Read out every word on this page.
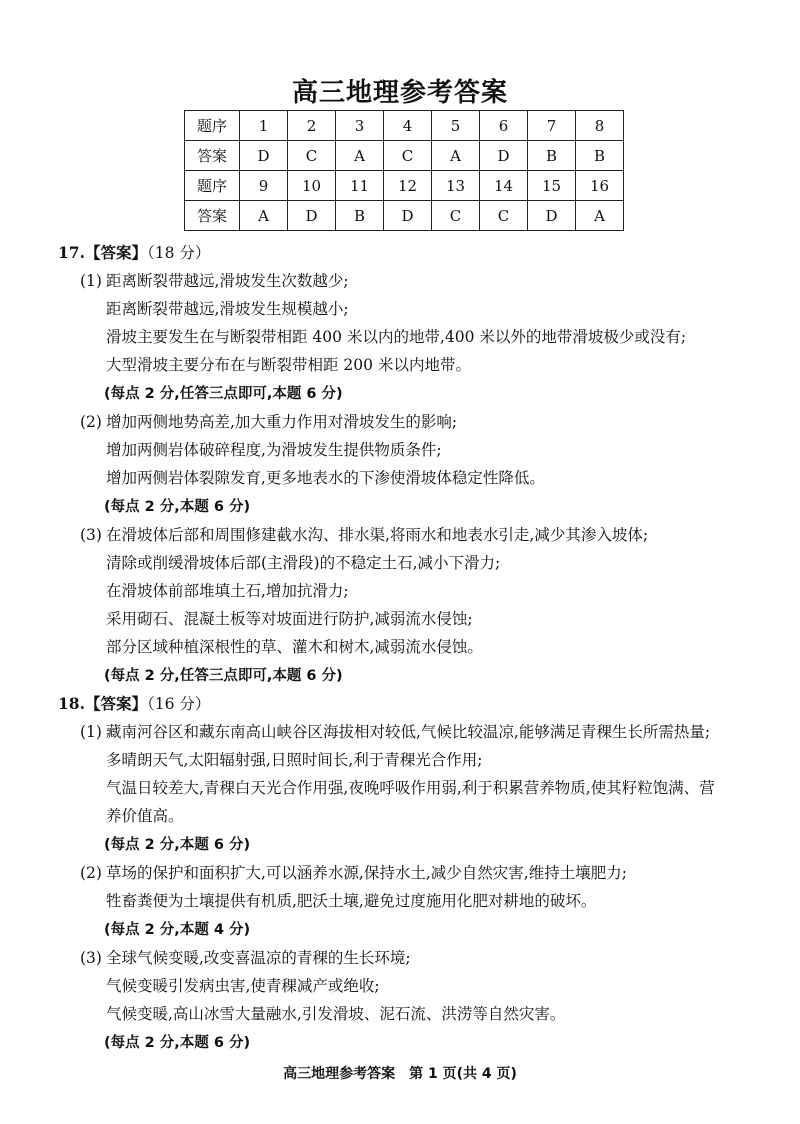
高三地理参考答案
题序	1	2	3	4	5	6	7	8
答案	D	C	A	C	A	D	B	B
题序	9	10	11	12	13	14	15	16
答案	A	D	B	D	C	C	D	A
17.【答案】（18 分）
(1) 距离断裂带越远,滑坡发生次数越少;
距离断裂带越远,滑坡发生规模越小;
滑坡主要发生在与断裂带相距 400 米以内的地带,400 米以外的地带滑坡极少或没有;
大型滑坡主要分布在与断裂带相距 200 米以内地带。
(每点 2 分,任答三点即可,本题 6 分)
(2) 增加两侧地势高差,加大重力作用对滑坡发生的影响;
增加两侧岩体破碎程度,为滑坡发生提供物质条件;
增加两侧岩体裂隙发育,更多地表水的下渗使滑坡体稳定性降低。
(每点 2 分,本题 6 分)
(3) 在滑坡体后部和周围修建截水沟、排水渠,将雨水和地表水引走,减少其渗入坡体;
清除或削缓滑坡体后部(主滑段)的不稳定土石,减小下滑力;
在滑坡体前部堆填土石,增加抗滑力;
采用砌石、混凝土板等对坡面进行防护,减弱流水侵蚀;
部分区域种植深根性的草、灌木和树木,减弱流水侵蚀。
(每点 2 分,任答三点即可,本题 6 分)
18.【答案】（16 分）
(1) 藏南河谷区和藏东南高山峡谷区海拔相对较低,气候比较温凉,能够满足青稞生长所需热量;
多晴朗天气,太阳辐射强,日照时间长,利于青稞光合作用;
气温日较差大,青稞白天光合作用强,夜晚呼吸作用弱,利于积累营养物质,使其籽粒饱满、营
养价值高。
(每点 2 分,本题 6 分)
(2) 草场的保护和面积扩大,可以涵养水源,保持水土,减少自然灾害,维持土壤肥力;
牲畜粪便为土壤提供有机质,肥沃土壤,避免过度施用化肥对耕地的破坏。
(每点 2 分,本题 4 分)
(3) 全球气候变暖,改变喜温凉的青稞的生长环境;
气候变暖引发病虫害,使青稞减产或绝收;
气候变暖,高山冰雪大量融水,引发滑坡、泥石流、洪涝等自然灾害。
(每点 2 分,本题 6 分)
高三地理参考答案　第 1 页(共 4 页)
